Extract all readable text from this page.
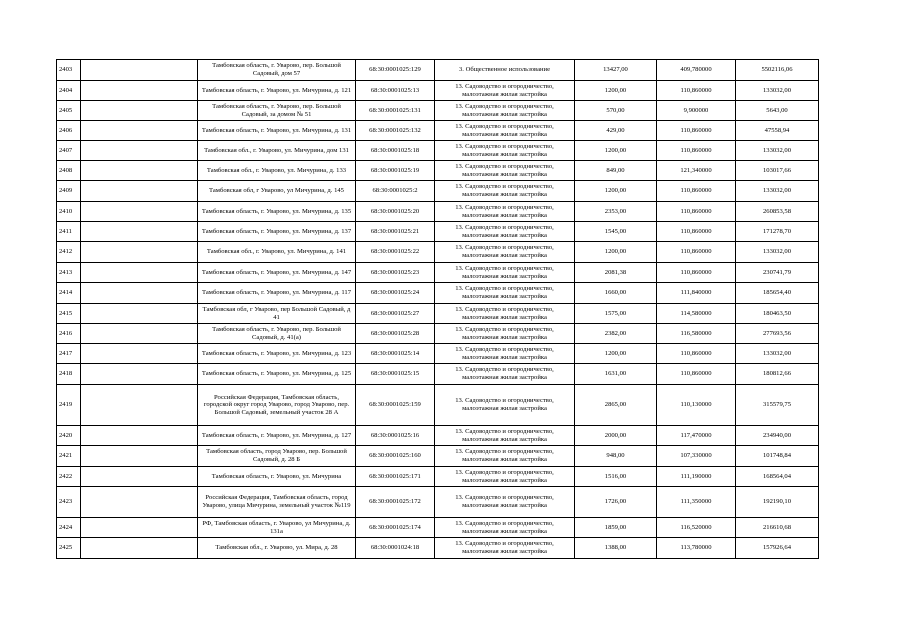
2403		Тамбовская область, г. Уварово, пер. Большой Садовый, дом 57	68:30:0001025:129	3. Общественное использование	13427,00	409,780000	5502116,06
2404		Тамбовская область, г. Уварово, ул. Мичурина, д. 121	68:30:0001025:13	13. Садоводство и огородничество, малоэтажная жилая застройка	1200,00	110,860000	133032,00
2405		Тамбовская область, г. Уварово, пер. Большой Садовый, за домом № 51	68:30:0001025:131	13. Садоводство и огородничество, малоэтажная жилая застройка	570,00	9,900000	5643,00
2406		Тамбовская область, г. Уварово, ул. Мичурина, д. 131	68:30:0001025:132	13. Садоводство и огородничество, малоэтажная жилая застройка	429,00	110,860000	47558,94
2407		Тамбовская обл., г. Уварово, ул. Мичурина, дом 131	68:30:0001025:18	13. Садоводство и огородничество, малоэтажная жилая застройка	1200,00	110,860000	133032,00
2408		Тамбовская обл., г. Уварово, ул. Мичурина, д. 133	68:30:0001025:19	13. Садоводство и огородничество, малоэтажная жилая застройка	849,00	121,340000	103017,66
2409		Тамбовская обл, г Уварово, ул Мичурина, д. 145	68:30:0001025:2	13. Садоводство и огородничество, малоэтажная жилая застройка	1200,00	110,860000	133032,00
2410		Тамбовская область, г. Уварово, ул. Мичурина, д. 135	68:30:0001025:20	13. Садоводство и огородничество, малоэтажная жилая застройка	2353,00	110,860000	260853,58
2411		Тамбовская область, г. Уварово, ул. Мичурина, д. 137	68:30:0001025:21	13. Садоводство и огородничество, малоэтажная жилая застройка	1545,00	110,860000	171278,70
2412		Тамбовская обл., г. Уварово, ул. Мичурина, д. 141	68:30:0001025:22	13. Садоводство и огородничество, малоэтажная жилая застройка	1200,00	110,860000	133032,00
2413		Тамбовская область, г. Уварово, ул. Мичурина, д. 147	68:30:0001025:23	13. Садоводство и огородничество, малоэтажная жилая застройка	2081,38	110,860000	230741,79
2414		Тамбовская область, г. Уварово, ул. Мичурина, д. 117	68:30:0001025:24	13. Садоводство и огородничество, малоэтажная жилая застройка	1660,00	111,840000	185654,40
2415		Тамбовская обл, г Уварово, пер Большой Садовый, д 41	68:30:0001025:27	13. Садоводство и огородничество, малоэтажная жилая застройка	1575,00	114,580000	180463,50
2416		Тамбовская область, г. Уварово, пер. Большой Садовый, д. 41(а)	68:30:0001025:28	13. Садоводство и огородничество, малоэтажная жилая застройка	2382,00	116,580000	277693,56
2417		Тамбовская область, г. Уварово, ул. Мичурина, д. 123	68:30:0001025:14	13. Садоводство и огородничество, малоэтажная жилая застройка	1200,00	110,860000	133032,00
2418		Тамбовская область, г. Уварово, ул. Мичурина, д. 125	68:30:0001025:15	13. Садоводство и огородничество, малоэтажная жилая застройка	1631,00	110,860000	180812,66
2419		Российская Федерация, Тамбовская область, городской округ город Уварово, город Уварово, пер. Большой Садовый, земельный участок 28 А	68:30:0001025:159	13. Садоводство и огородничество, малоэтажная жилая застройка	2865,00	110,130000	315579,75
2420		Тамбовская область, г. Уварово, ул. Мичурина, д. 127	68:30:0001025:16	13. Садоводство и огородничество, малоэтажная жилая застройка	2000,00	117,470000	234940,00
2421		Тамбовская область, город Уварово, пер. Большой Садовый, д. 28 Б	68:30:0001025:160	13. Садоводство и огородничество, малоэтажная жилая застройка	948,00	107,330000	101748,84
2422		Тамбовская область, г. Уварово, ул. Мичурина	68:30:0001025:171	13. Садоводство и огородничество, малоэтажная жилая застройка	1516,00	111,190000	168564,04
2423		Российская Федерация, Тамбовская область, город Уварово, улица Мичурина, земельный участок №119	68:30:0001025:172	13. Садоводство и огородничество, малоэтажная жилая застройка	1726,00	111,350000	192190,10
2424		РФ, Тамбовская область, г. Уварово, ул Мичурина, д. 131а	68:30:0001025:174	13. Садоводство и огородничество, малоэтажная жилая застройка	1859,00	116,520000	216610,68
2425		Тамбовская обл., г. Уварово, ул. Мира, д. 28	68:30:0001024:18	13. Садоводство и огородничество, малоэтажная жилая застройка	1388,00	113,780000	157926,64
